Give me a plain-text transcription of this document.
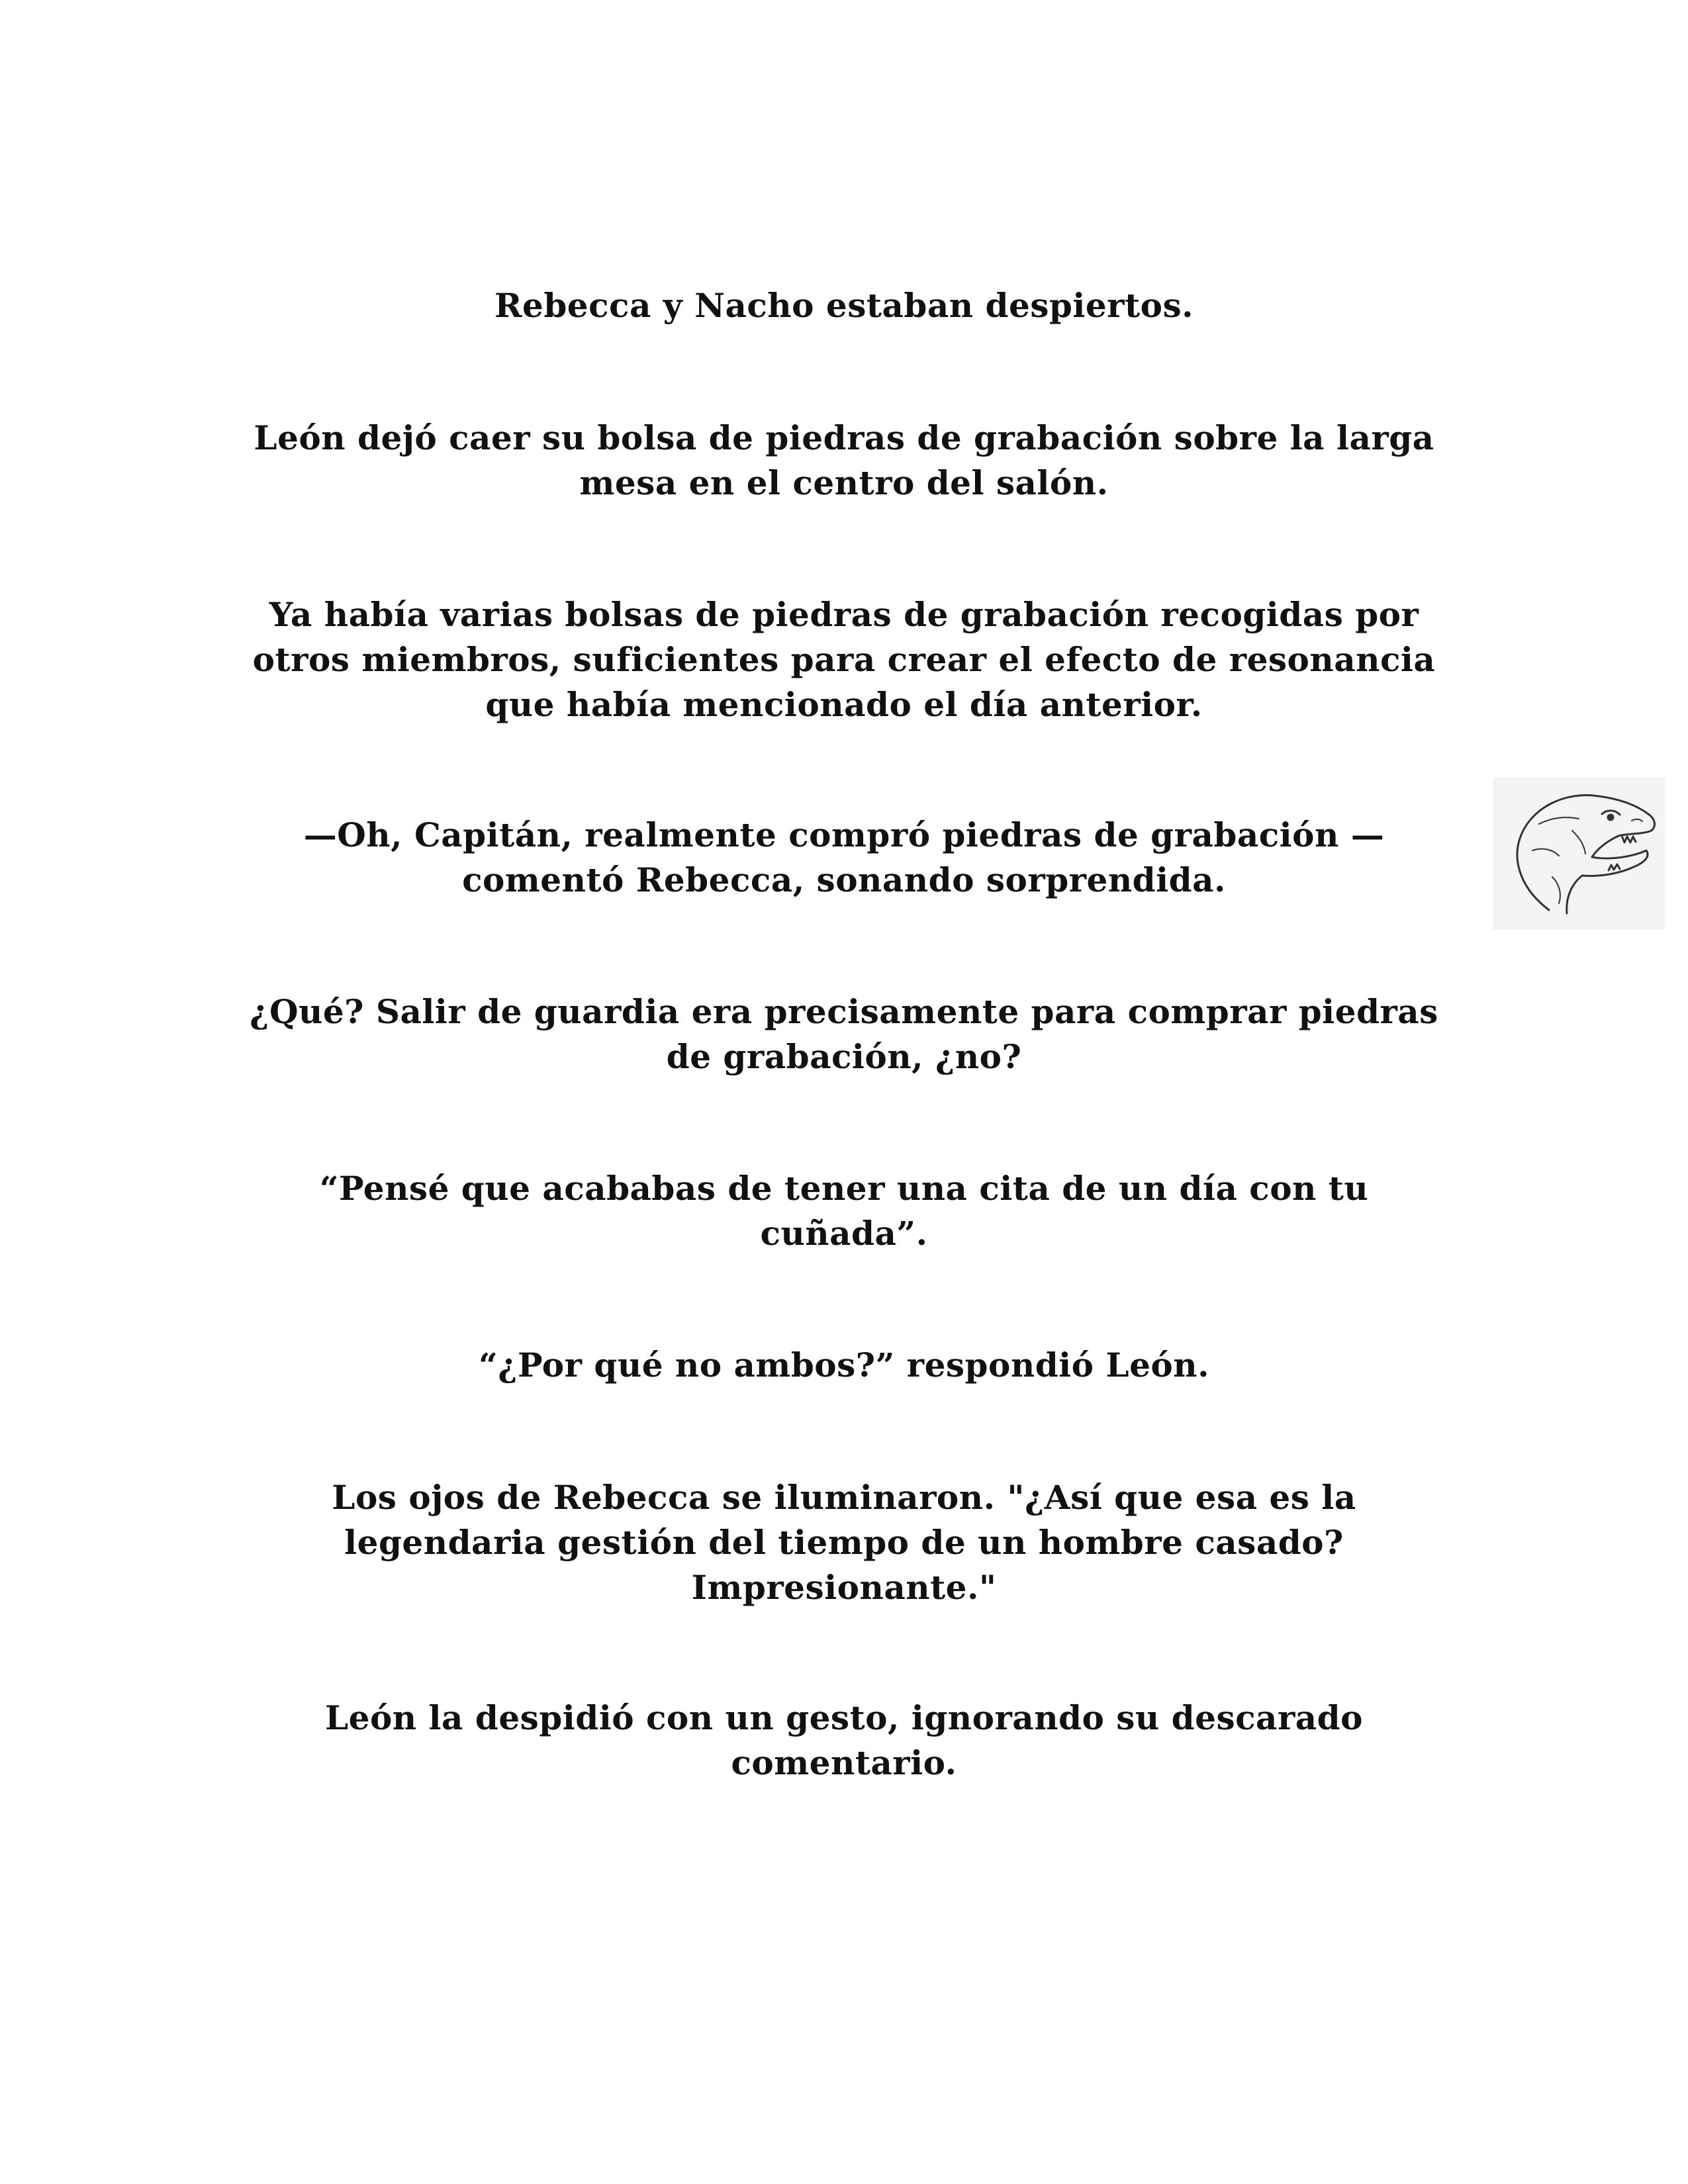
Rebecca y Nacho estaban despiertos.

León dejó caer su bolsa de piedras de grabación sobre la larga
mesa en el centro del salón.

Ya había varias bolsas de piedras de grabación recogidas por
otros miembros, suficientes para crear el efecto de resonancia
que había mencionado el día anterior.

—Oh, Capitán, realmente compró piedras de grabación —
comentó Rebecca, sonando sorprendida.

¿Qué? Salir de guardia era precisamente para comprar piedras
de grabación, ¿no?

“Pensé que acababas de tener una cita de un día con tu
cuñada”.

“¿Por qué no ambos?” respondió León.

Los ojos de Rebecca se iluminaron. "¿Así que esa es la
legendaria gestión del tiempo de un hombre casado?
Impresionante."

León la despidió con un gesto, ignorando su descarado
comentario.
